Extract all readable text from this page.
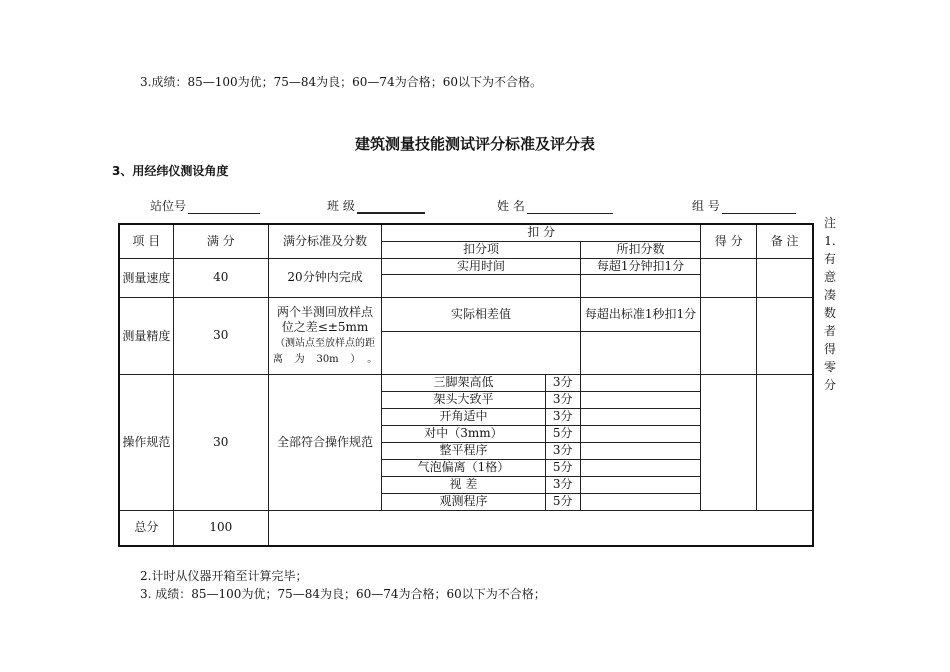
3.成绩：85—100为优；75—84为良；60—74为合格；60以下为不合格。
建筑测量技能测试评分标准及评分表
3、用经纬仪测设角度
站位号	班 级	姓 名	组 号
项 目	满 分	满分标准及分数	扣 分			得 分	备 注
			扣分项		所扣分数		
测量速度	40	20分钟内完成	实用时间		每超1分钟扣1分		

测量精度	30	两个半测回放样点位之差≤±5mm（测站点至放样点的距离为30m）。	实际相差值		每超出标准1秒扣1分		

操作规范	30	全部符合操作规范	三脚架高低	3分			
			架头大致平	3分			
			开角适中	3分			
			对中（3mm）	5分			
			整平程序	3分			
			气泡偏离（1格）	5分			
			视 差	3分			
			观测程序	5分			
总分	100						
注1.有意凑数者得零分
2.计时从仪器开箱至计算完毕；
3. 成绩：85—100为优；75—84为良；60—74为合格；60以下为不合格；
